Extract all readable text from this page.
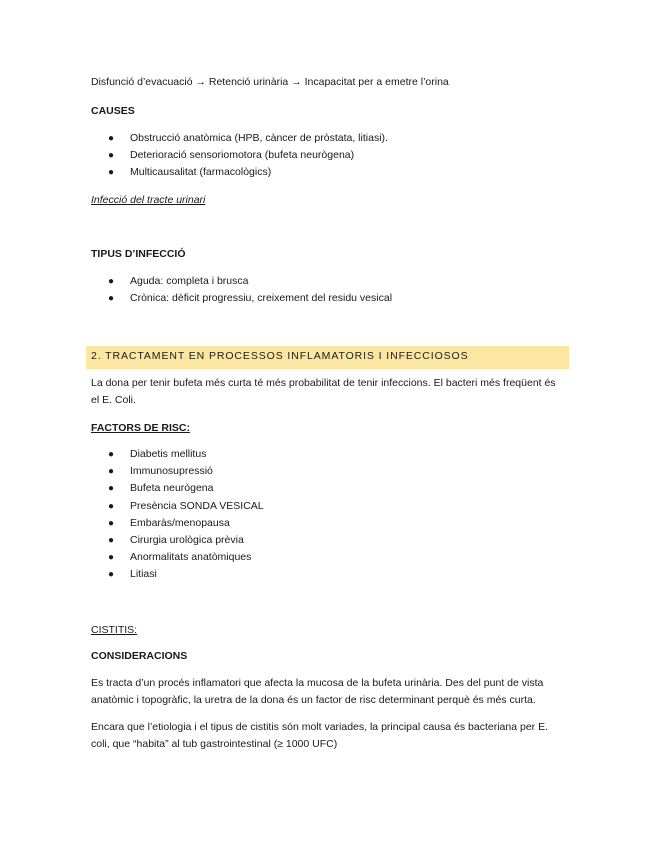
Disfunció d’evacuació → Retenció urinària → Incapacitat per a emetre l’orina

CAUSES

● Obstrucció anatòmica (HPB, càncer de pròstata, litiasi).
● Deterioració sensoriomotora (bufeta neurògena)
● Multicausalitat (farmacològics)

Infecció del tracte urinari

TIPUS D’INFECCIÓ

● Aguda: completa i brusca
● Crònica: dèficit progressiu, creixement del residu vesical
2. TRACTAMENT EN PROCESSOS INFLAMATORIS I INFECCIOSOS

La dona per tenir bufeta més curta té més probabilitat de tenir infeccions. El bacteri més freqüent és el E. Coli.

FACTORS DE RISC:

● Diabetis mellitus
● Immunosupressió
● Bufeta neurògena
● Presència SONDA VESICAL
● Embaràs/menopausa
● Cirurgia urològica prèvia
● Anormalitats anatòmiques
● Litiasi

CISTITIS:

CONSIDERACIONS

Es tracta d’un procés inflamatori que afecta la mucosa de la bufeta urinària. Des del punt de vista anatòmic i topogràfic, la uretra de la dona és un factor de risc determinant perquè és més curta.

Encara que l’etiologia i el tipus de cistitis són molt variades, la principal causa és bacteriana per E. coli, que “habita” al tub gastrointestinal (≥ 1000 UFC)
